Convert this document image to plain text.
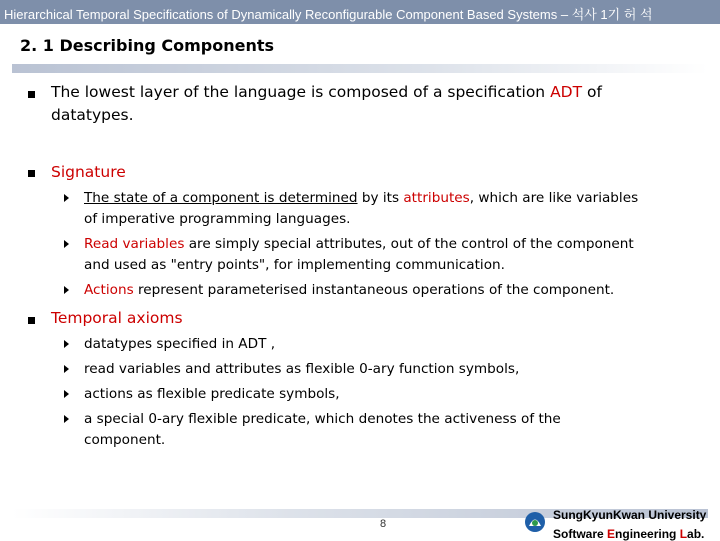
Hierarchical Temporal Specifications of Dynamically Reconfigurable Component Based Systems – 석사 1기 허 석
2. 1 Describing Components
The lowest layer of the language is composed of a specification ADT of
datatypes.
Signature
The state of a component is determined by its attributes, which are like variables
of imperative programming languages.
Read variables are simply special attributes, out of the control of the component
and used as "entry points", for implementing communication.
Actions represent parameterised instantaneous operations of the component.
Temporal axioms
datatypes specified in ADT ,
read variables and attributes as flexible 0-ary function symbols,
actions as flexible predicate symbols,
a special 0-ary flexible predicate, which denotes the activeness of the
component.
8
SungKyunKwan University
Software Engineering Lab.
